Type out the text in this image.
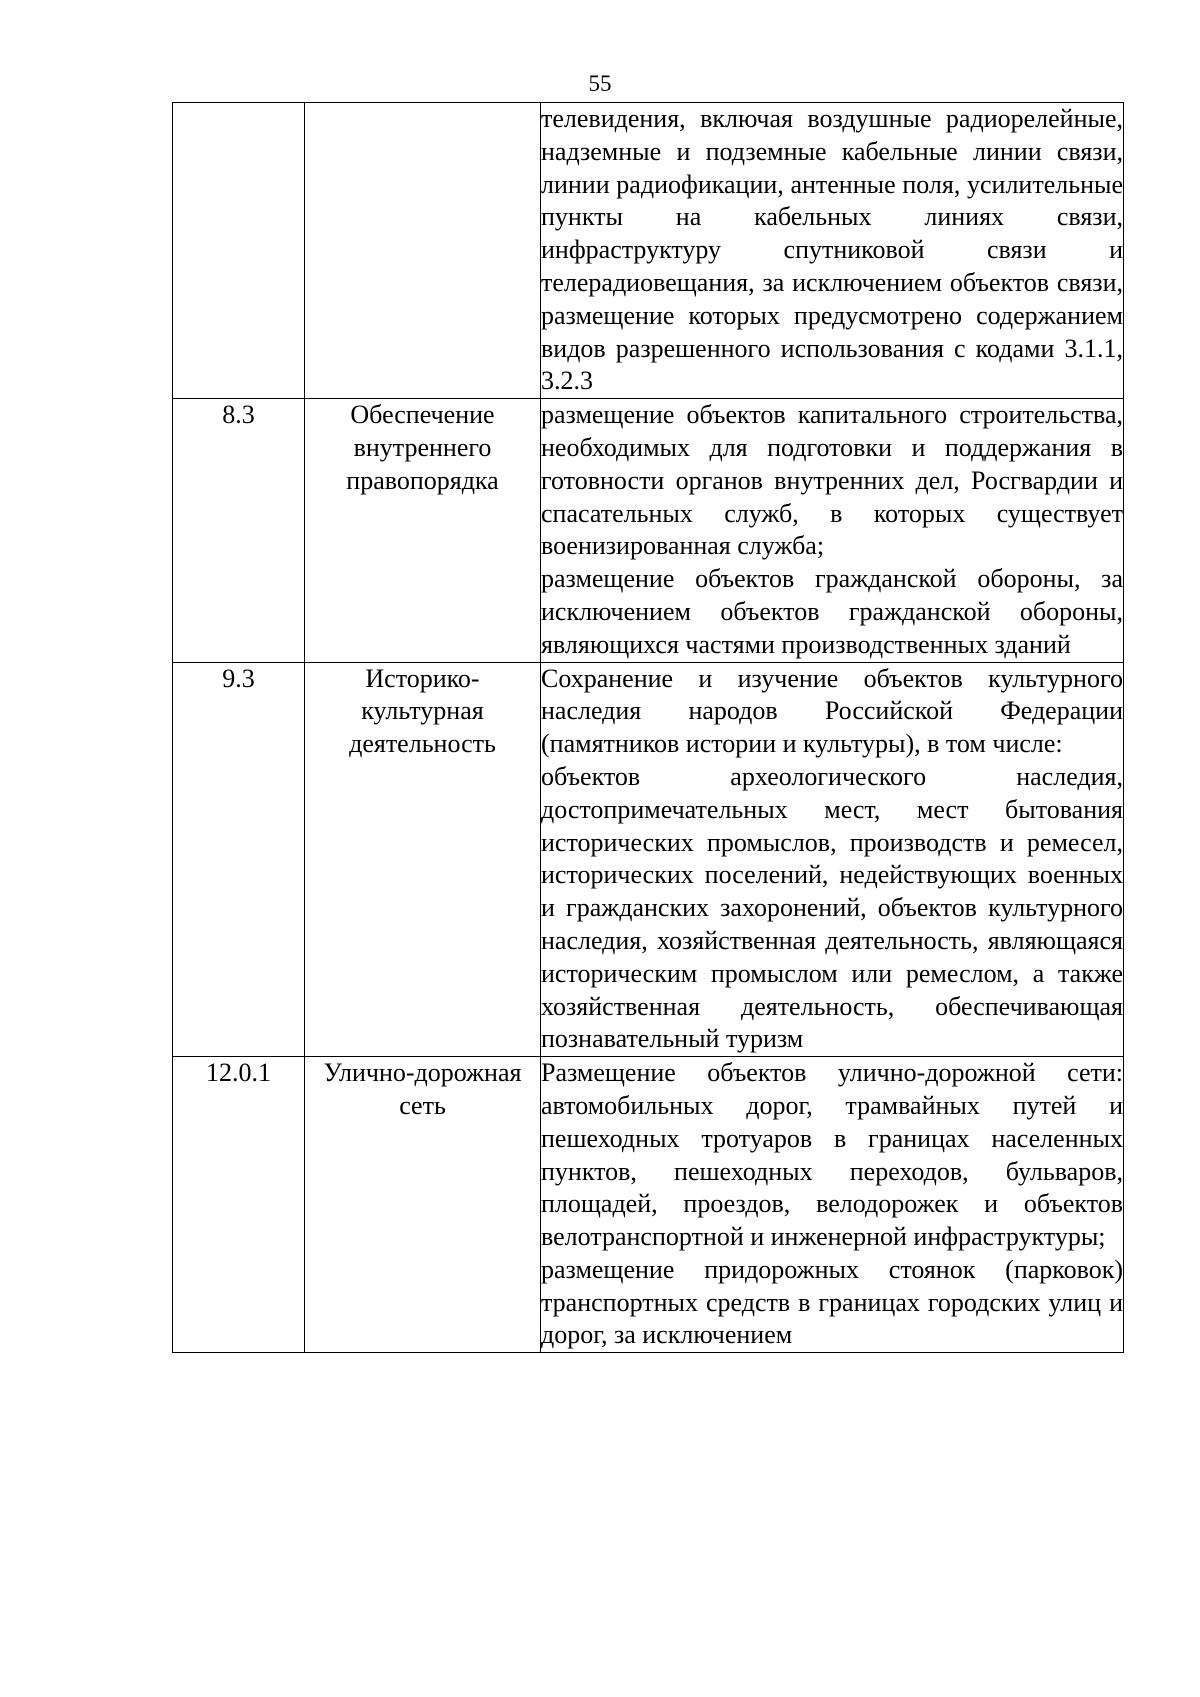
55

		телевидения, включая воздушные радиорелейные, надземные и подземные кабельные линии связи, линии радиофикации, антенные поля, усилительные пункты на кабельных линиях связи, инфраструктуру спутниковой связи и телерадиовещания, за исключением объектов связи, размещение которых предусмотрено содержанием видов разрешенного использования с кодами 3.1.1, 3.2.3

8.3	Обеспечение внутреннего правопорядка	размещение объектов капитального строительства, необходимых для подготовки и поддержания в готовности органов внутренних дел, Росгвардии и спасательных служб, в которых существует военизированная служба;
размещение объектов гражданской обороны, за исключением объектов гражданской обороны, являющихся частями производственных зданий

9.3	Историко-культурная деятельность	Сохранение и изучение объектов культурного наследия народов Российской Федерации (памятников истории и культуры), в том числе:
объектов археологического наследия, достопримечательных мест, мест бытования исторических промыслов, производств и ремесел, исторических поселений, недействующих военных и гражданских захоронений, объектов культурного наследия, хозяйственная деятельность, являющаяся историческим промыслом или ремеслом, а также хозяйственная деятельность, обеспечивающая познавательный туризм

12.0.1	Улично-дорожная сеть	Размещение объектов улично-дорожной сети: автомобильных дорог, трамвайных путей и пешеходных тротуаров в границах населенных пунктов, пешеходных переходов, бульваров, площадей, проездов, велодорожек и объектов велотранспортной и инженерной инфраструктуры;
размещение придорожных стоянок (парковок) транспортных средств в границах городских улиц и дорог, за исключением
